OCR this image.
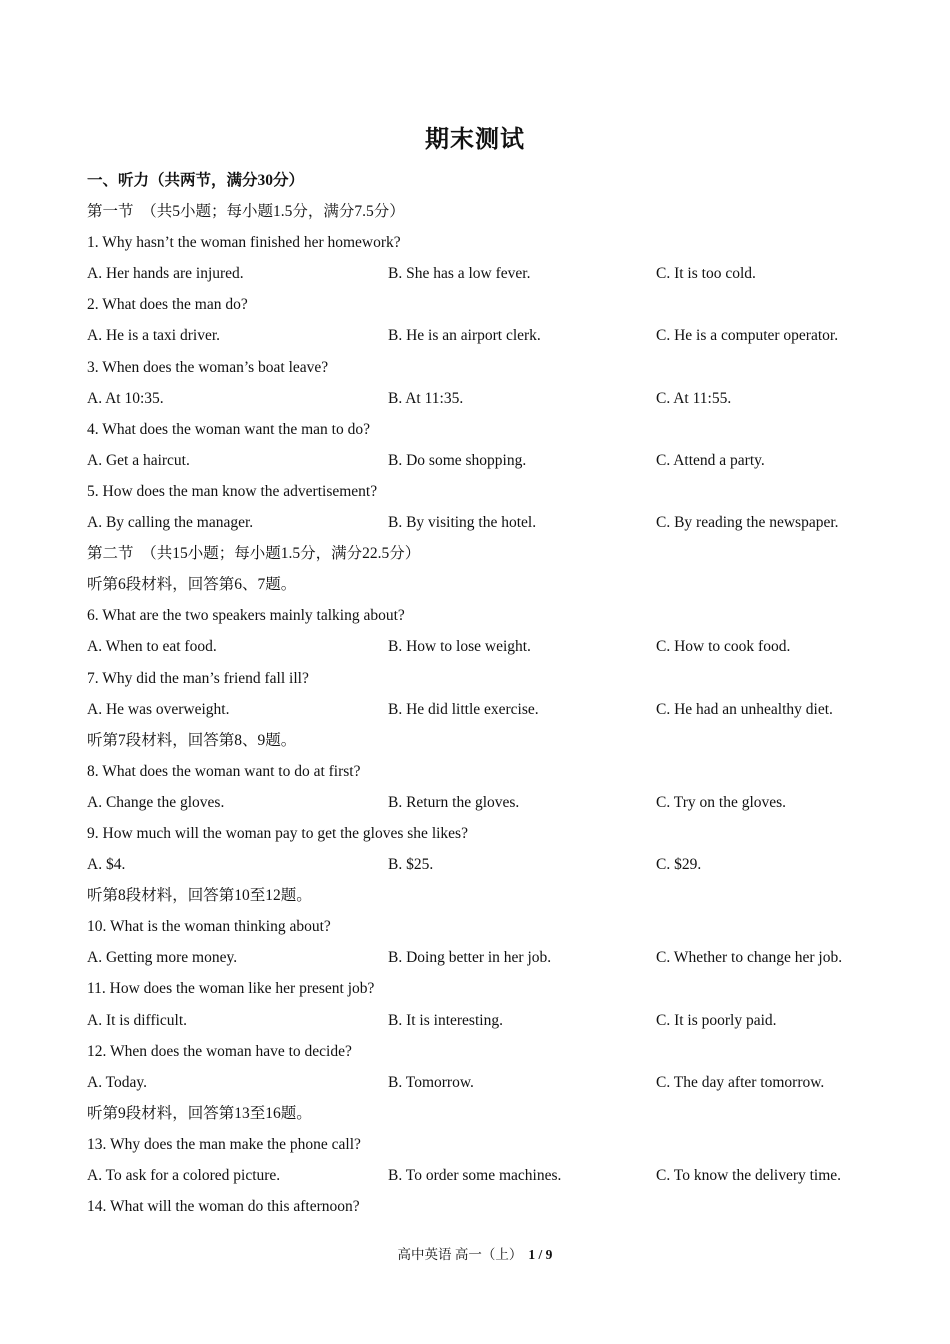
期末测试
一、听力（共两节，满分30分）
第一节　（共5小题；每小题1.5分，满分7.5分）
1. Why hasn’t the woman finished her homework?
A. Her hands are injured.	B. She has a low fever.	C. It is too cold.
2. What does the man do?
A. He is a taxi driver.	B. He is an airport clerk.	C. He is a computer operator.
3. When does the woman’s boat leave?
A. At 10:35.	B. At 11:35.	C. At 11:55.
4. What does the woman want the man to do?
A. Get a haircut.	B. Do some shopping.	C. Attend a party.
5. How does the man know the advertisement?
A. By calling the manager.	B. By visiting the hotel.	C. By reading the newspaper.
第二节　（共15小题；每小题1.5分，满分22.5分）
听第6段材料，回答第6、7题。
6. What are the two speakers mainly talking about?
A. When to eat food.	B. How to lose weight.	C. How to cook food.
7. Why did the man’s friend fall ill?
A. He was overweight.	B. He did little exercise.	C. He had an unhealthy diet.
听第7段材料，回答第8、9题。
8. What does the woman want to do at first?
A. Change the gloves.	B. Return the gloves.	C. Try on the gloves.
9. How much will the woman pay to get the gloves she likes?
A. $4.	B. $25.	C. $29.
听第8段材料，回答第10至12题。
10. What is the woman thinking about?
A. Getting more money.	B. Doing better in her job.	C. Whether to change her job.
11. How does the woman like her present job?
A. It is difficult.	B. It is interesting.	C. It is poorly paid.
12. When does the woman have to decide?
A. Today.	B. Tomorrow.	C. The day after tomorrow.
听第9段材料，回答第13至16题。
13. Why does the man make the phone call?
A. To ask for a colored picture.	B. To order some machines.	C. To know the delivery time.
14. What will the woman do this afternoon?
高中英语 高一（上） 1 / 9
